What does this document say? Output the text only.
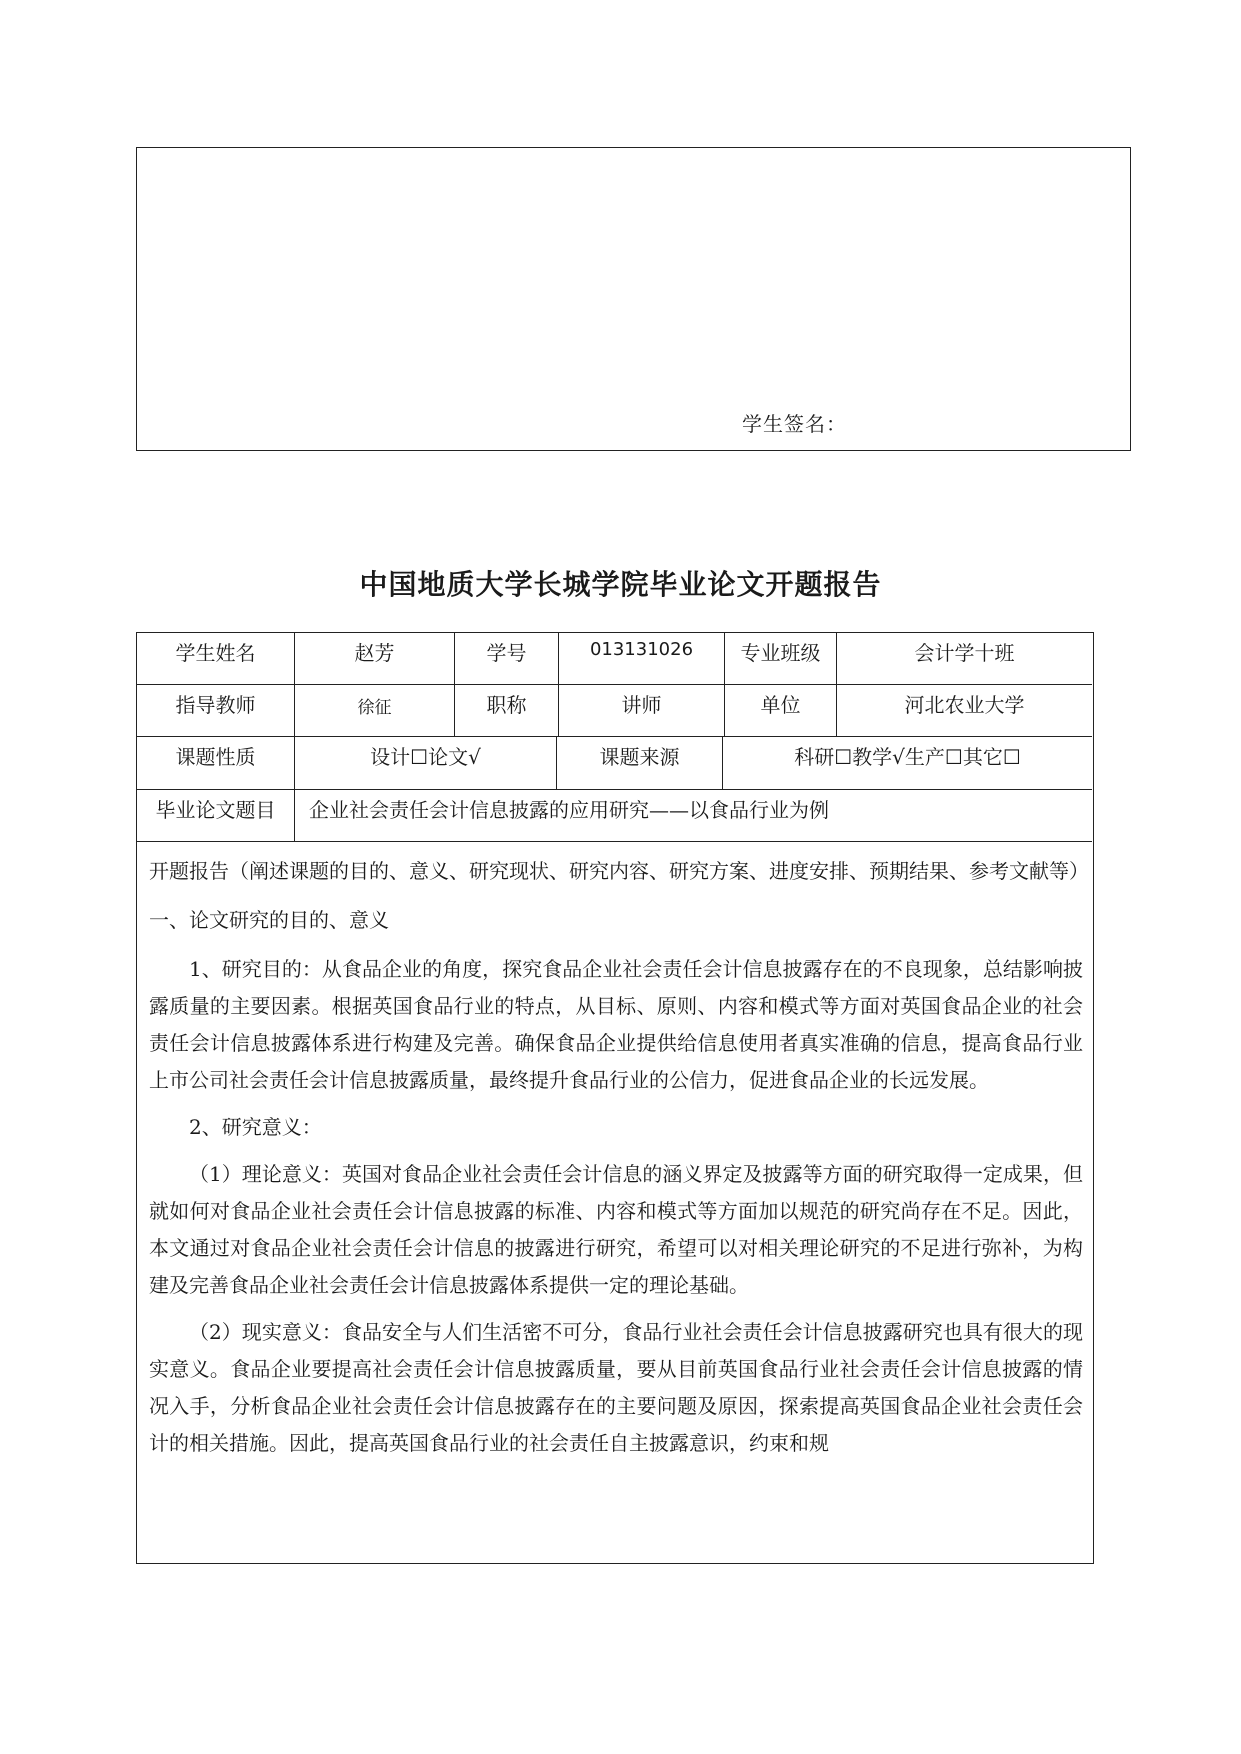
学生签名：
中国地质大学长城学院毕业论文开题报告
学生姓名	赵芳	学号	013131026	专业班级	会计学十班
指导教师	徐征	职称	讲师	单位	河北农业大学
课题性质	设计☐论文√	课题来源	科研☐教学√生产☐其它☐
毕业论文题目	企业社会责任会计信息披露的应用研究——以食品行业为例

开题报告（阐述课题的目的、意义、研究现状、研究内容、研究方案、进度安排、预期结果、参考文献等）

一、论文研究的目的、意义

1、研究目的：从食品企业的角度，探究食品企业社会责任会计信息披露存在的不良现象，总结影响披露质量的主要因素。根据英国食品行业的特点，从目标、原则、内容和模式等方面对英国食品企业的社会责任会计信息披露体系进行构建及完善。确保食品企业提供给信息使用者真实准确的信息，提高食品行业上市公司社会责任会计信息披露质量，最终提升食品行业的公信力，促进食品企业的长远发展。

2、研究意义：

（1）理论意义：英国对食品企业社会责任会计信息的涵义界定及披露等方面的研究取得一定成果，但就如何对食品企业社会责任会计信息披露的标准、内容和模式等方面加以规范的研究尚存在不足。因此，本文通过对食品企业社会责任会计信息的披露进行研究，希望可以对相关理论研究的不足进行弥补，为构建及完善食品企业社会责任会计信息披露体系提供一定的理论基础。

（2）现实意义：食品安全与人们生活密不可分，食品行业社会责任会计信息披露研究也具有很大的现实意义。食品企业要提高社会责任会计信息披露质量，要从目前英国食品行业社会责任会计信息披露的情况入手，分析食品企业社会责任会计信息披露存在的主要问题及原因，探索提高英国食品企业社会责任会计的相关措施。因此，提高英国食品行业的社会责任自主披露意识，约束和规
